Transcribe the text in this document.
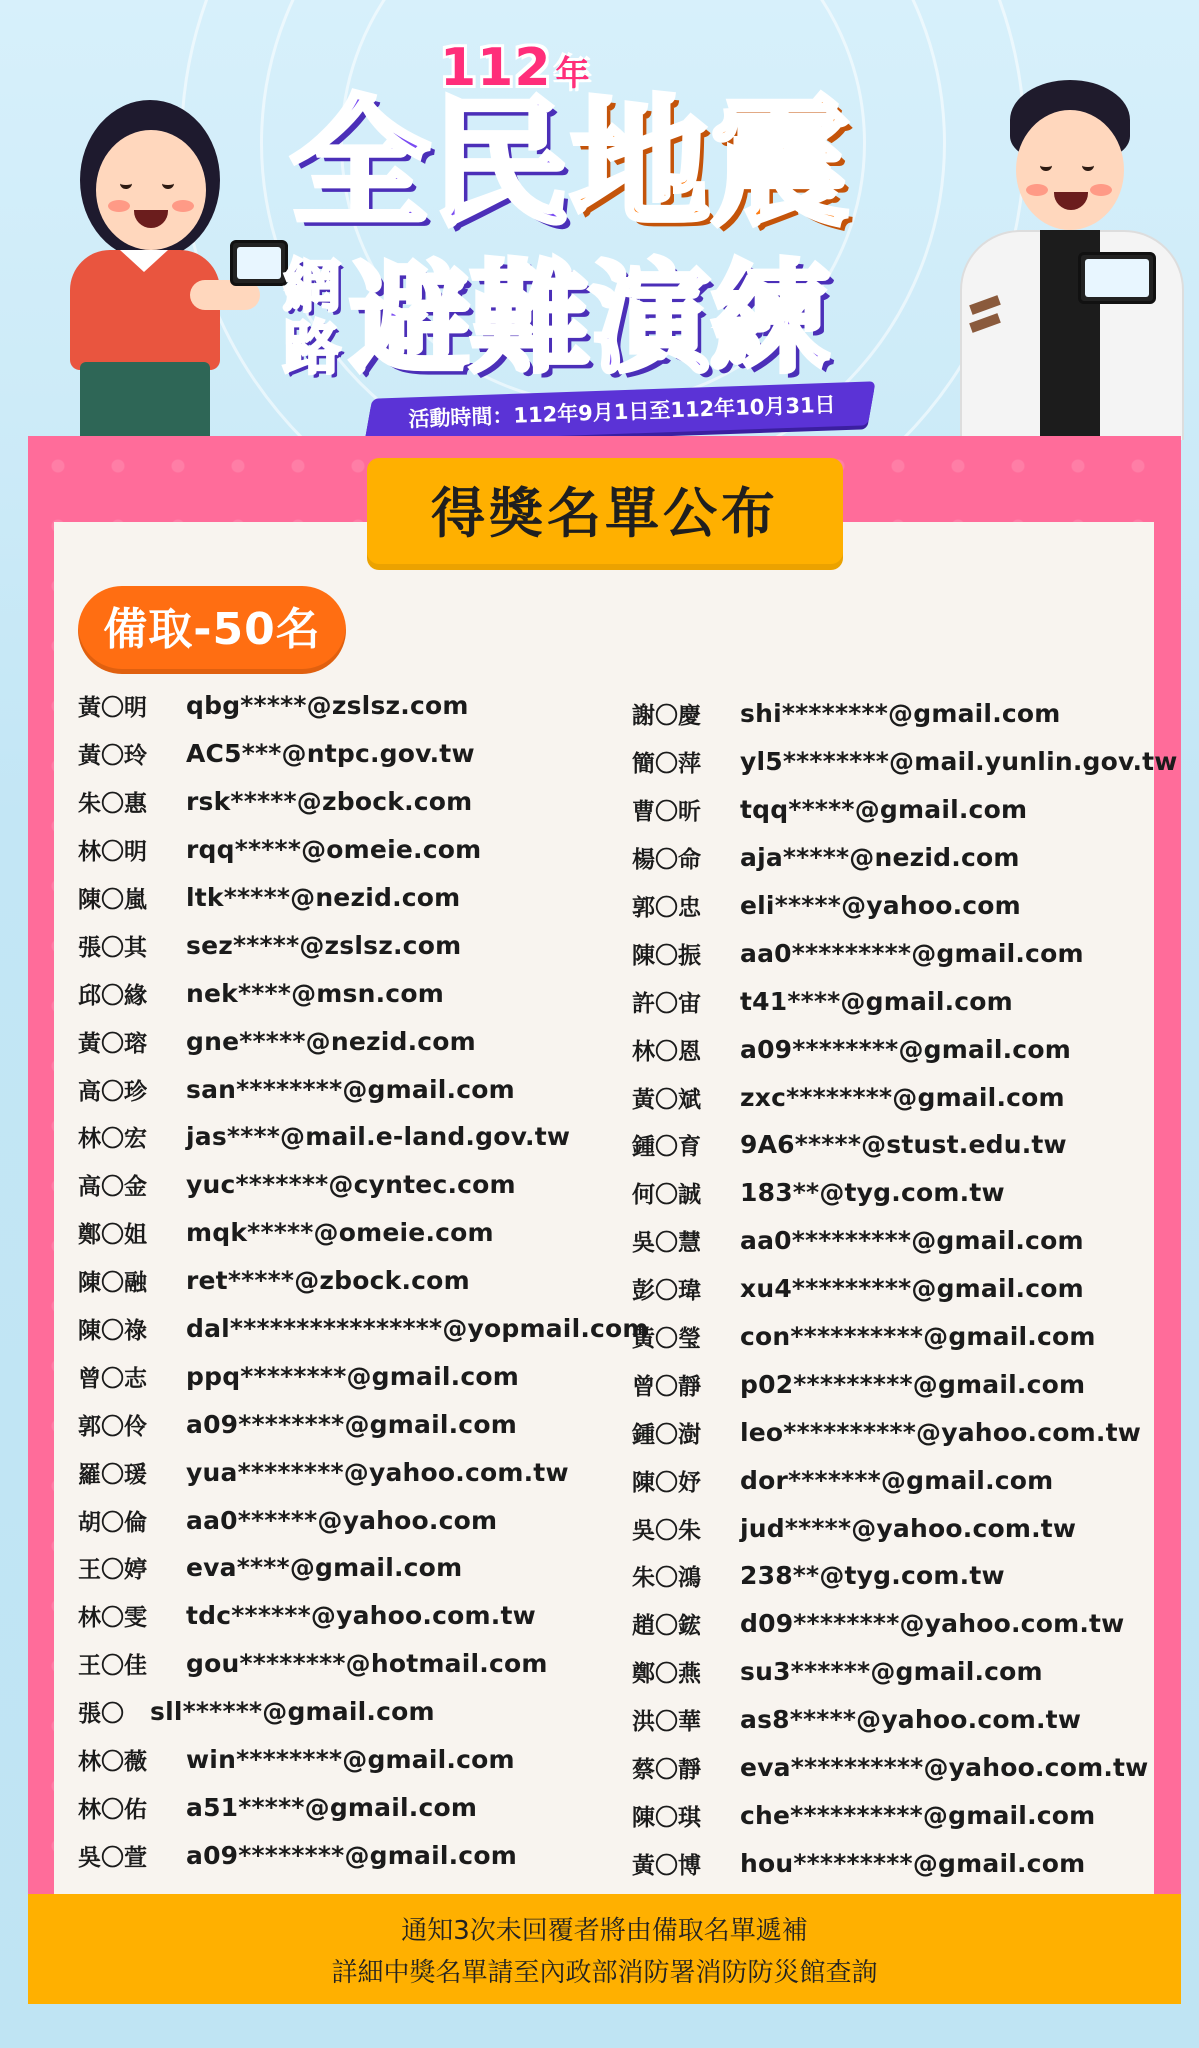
112 年
全民地震
網
路避難演練
活動時間：112年9月1日至112年10月31日
得獎名單公布
備取-50名
黃〇明	qbg*****@zslsz.com
黃〇玲	AC5***@ntpc.gov.tw
朱〇惠	rsk*****@zbock.com
林〇明	rqq*****@omeie.com
陳〇嵐	ltk*****@nezid.com
張〇其	sez*****@zslsz.com
邱〇緣	nek****@msn.com
黃〇瑢	gne*****@nezid.com
高〇珍	san********@gmail.com
林〇宏	jas****@mail.e-land.gov.tw
高〇金	yuc*******@cyntec.com
鄭〇姐	mqk*****@omeie.com
陳〇融	ret*****@zbock.com
陳〇祿	dal****************@yopmail.com
曾〇志	ppq********@gmail.com
郭〇伶	a09********@gmail.com
羅〇瑗	yua********@yahoo.com.tw
胡〇倫	aa0******@yahoo.com
王〇婷	eva****@gmail.com
林〇雯	tdc******@yahoo.com.tw
王〇佳	gou********@hotmail.com
張〇	sll******@gmail.com
林〇薇	win********@gmail.com
林〇佑	a51*****@gmail.com
吳〇萱	a09********@gmail.com
謝〇慶	shi********@gmail.com
簡〇萍	yl5********@mail.yunlin.gov.tw
曹〇昕	tqq*****@gmail.com
楊〇命	aja*****@nezid.com
郭〇忠	eli*****@yahoo.com
陳〇振	aa0*********@gmail.com
許〇宙	t41****@gmail.com
林〇恩	a09********@gmail.com
黃〇斌	zxc********@gmail.com
鍾〇育	9A6*****@stust.edu.tw
何〇誠	183**@tyg.com.tw
吳〇慧	aa0*********@gmail.com
彭〇瑋	xu4*********@gmail.com
黃〇瑩	con**********@gmail.com
曾〇靜	p02*********@gmail.com
鍾〇澍	leo**********@yahoo.com.tw
陳〇妤	dor*******@gmail.com
吳〇朱	jud*****@yahoo.com.tw
朱〇鴻	238**@tyg.com.tw
趙〇鋐	d09********@yahoo.com.tw
鄭〇燕	su3******@gmail.com
洪〇華	as8*****@yahoo.com.tw
蔡〇靜	eva**********@yahoo.com.tw
陳〇琪	che**********@gmail.com
黃〇博	hou*********@gmail.com
通知3次未回覆者將由備取名單遞補
詳細中獎名單請至內政部消防署消防防災館查詢
